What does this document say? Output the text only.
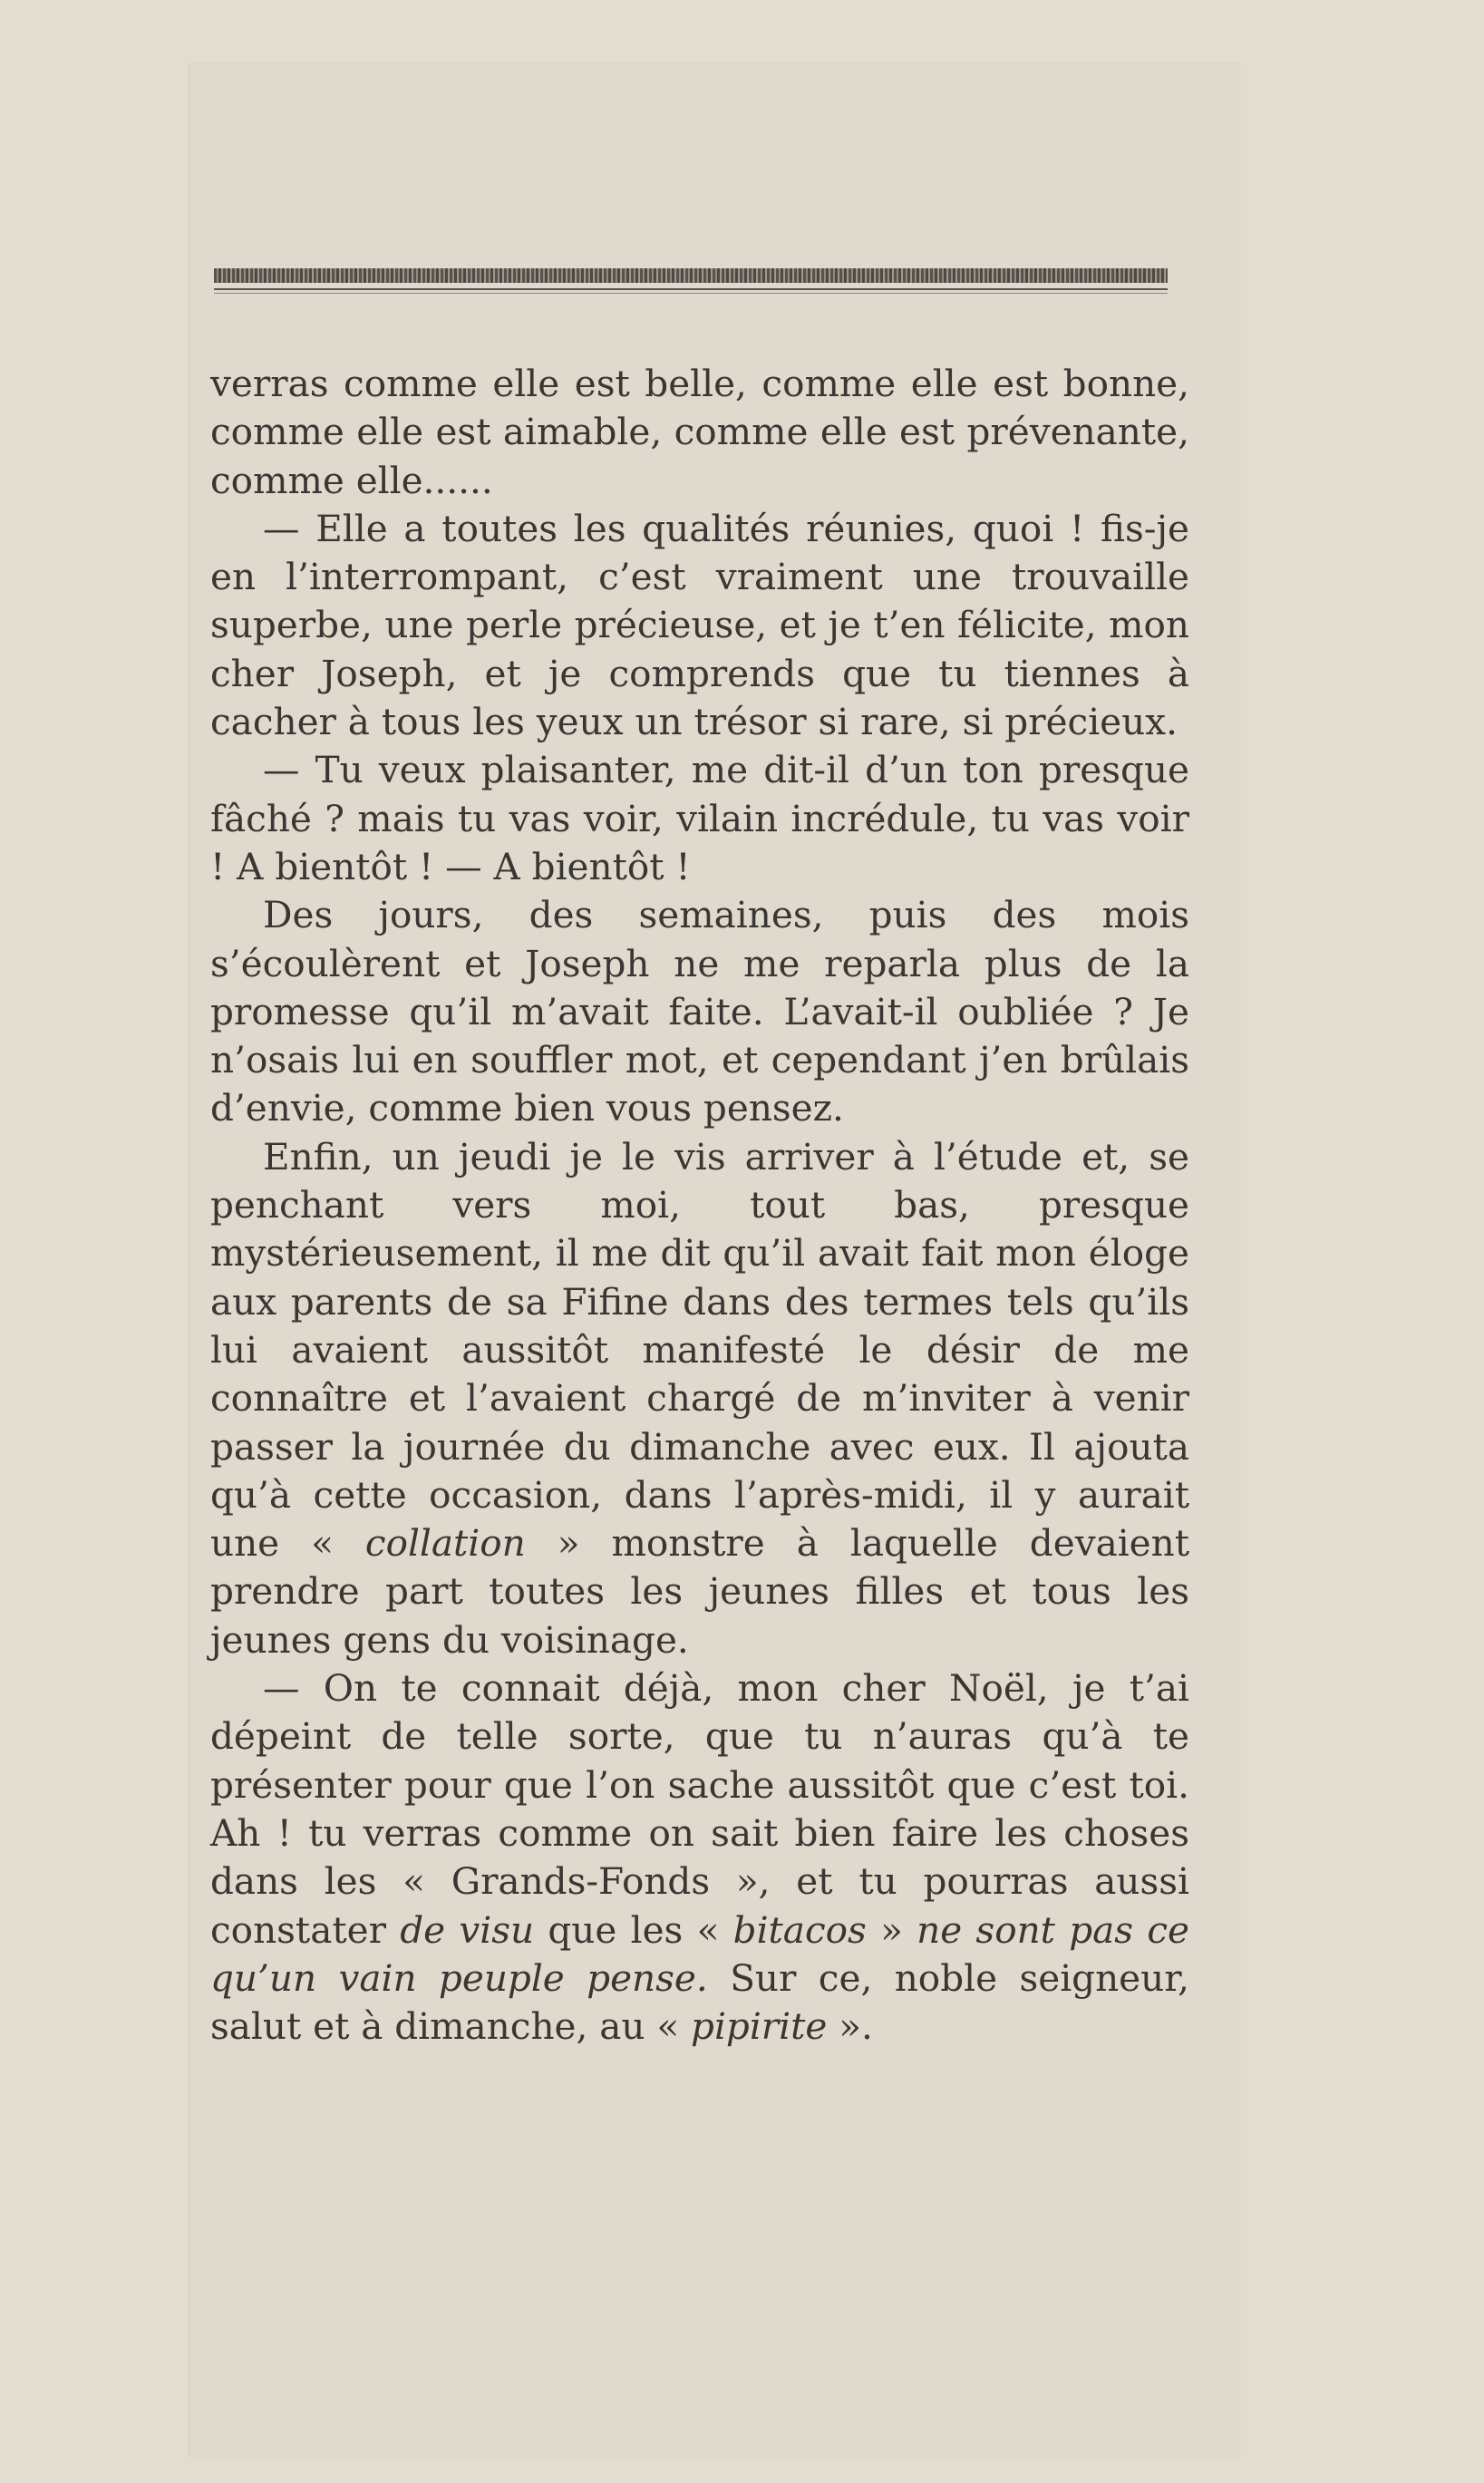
verras comme elle est belle, comme elle est bonne, comme elle est aimable, comme elle est prévenante, comme elle......

— Elle a toutes les qualités réunies, quoi ! fis-je en l’interrompant, c’est vraiment une trouvaille superbe, une perle précieuse, et je t’en félicite, mon cher Joseph, et je comprends que tu tiennes à cacher à tous les yeux un trésor si rare, si précieux.

— Tu veux plaisanter, me dit-il d’un ton presque fâché ? mais tu vas voir, vilain incrédule, tu vas voir ! A bientôt ! — A bientôt !

Des jours, des semaines, puis des mois s’écoulèrent et Joseph ne me reparla plus de la promesse qu’il m’avait faite. L’avait-il oubliée ? Je n’osais lui en souffler mot, et cependant j’en brûlais d’envie, comme bien vous pensez.

Enfin, un jeudi je le vis arriver à l’étude et, se penchant vers moi, tout bas, presque mystérieusement, il me dit qu’il avait fait mon éloge aux parents de sa Fifine dans des termes tels qu’ils lui avaient aussitôt manifesté le désir de me connaître et l’avaient chargé de m’inviter à venir passer la journée du dimanche avec eux. Il ajouta qu’à cette occasion, dans l’après-midi, il y aurait une « collation » monstre à laquelle devaient prendre part toutes les jeunes filles et tous les jeunes gens du voisinage.

— On te connait déjà, mon cher Noël, je t’ai dépeint de telle sorte, que tu n’auras qu’à te présenter pour que l’on sache aussitôt que c’est toi. Ah ! tu verras comme on sait bien faire les choses dans les « Grands-Fonds », et tu pourras aussi constater de visu que les « bitacos » ne sont pas ce qu’un vain peuple pense. Sur ce, noble seigneur, salut et à dimanche, au « pipirite ».
